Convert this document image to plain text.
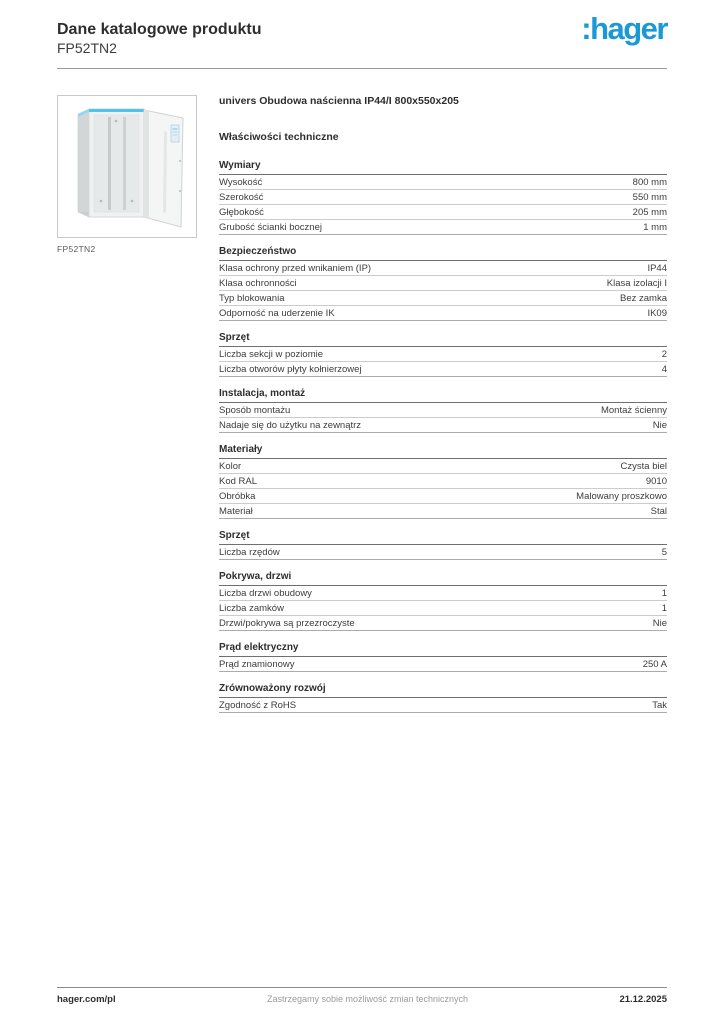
Dane katalogowe produktu
FP52TN2
:hager
FP52TN2
univers Obudowa naścienna IP44/I 800x550x205
Właściwości techniczne
Wymiary
Wysokość	800 mm
Szerokość	550 mm
Głębokość	205 mm
Grubość ścianki bocznej	1 mm
Bezpieczeństwo
Klasa ochrony przed wnikaniem (IP)	IP44
Klasa ochronności	Klasa izolacji I
Typ blokowania	Bez zamka
Odporność na uderzenie IK	IK09
Sprzęt
Liczba sekcji w poziomie	2
Liczba otworów płyty kołnierzowej	4
Instalacja, montaż
Sposób montażu	Montaż ścienny
Nadaje się do użytku na zewnątrz	Nie
Materiały
Kolor	Czysta biel
Kod RAL	9010
Obróbka	Malowany proszkowo
Materiał	Stal
Sprzęt
Liczba rzędów	5
Pokrywa, drzwi
Liczba drzwi obudowy	1
Liczba zamków	1
Drzwi/pokrywa są przezroczyste	Nie
Prąd elektryczny
Prąd znamionowy	250 A
Zrównoważony rozwój
Zgodność z RoHS	Tak
hager.com/pl	Zastrzegamy sobie możliwość zmian technicznych	21.12.2025
